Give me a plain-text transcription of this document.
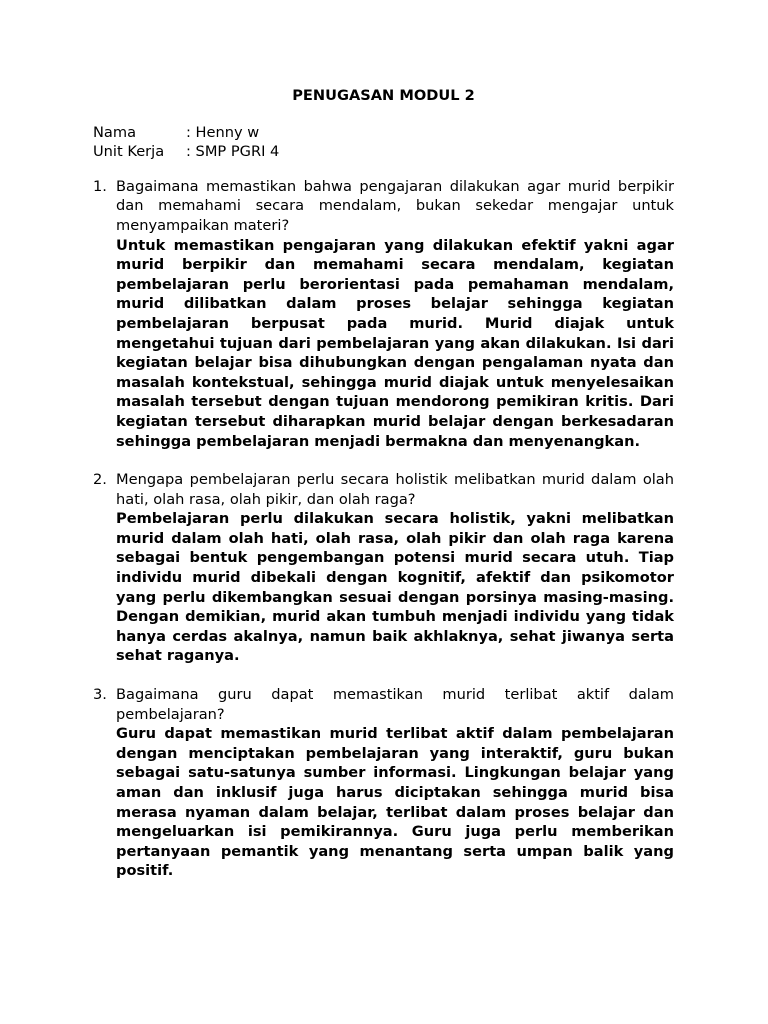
PENUGASAN MODUL 2
Nama	: Henny w
Unit Kerja	: SMP PGRI 4
1. Bagaimana memastikan bahwa pengajaran dilakukan agar murid berpikir dan memahami secara mendalam, bukan sekedar mengajar untuk menyampaikan materi?

Untuk memastikan pengajaran yang dilakukan efektif yakni agar murid berpikir dan memahami secara mendalam, kegiatan pembelajaran perlu berorientasi pada pemahaman mendalam, murid dilibatkan dalam proses belajar sehingga kegiatan pembelajaran berpusat pada murid. Murid diajak untuk mengetahui tujuan dari pembelajaran yang akan dilakukan. Isi dari kegiatan belajar bisa dihubungkan dengan pengalaman nyata dan masalah kontekstual, sehingga murid diajak untuk menyelesaikan masalah tersebut dengan tujuan mendorong pemikiran kritis. Dari kegiatan tersebut diharapkan murid belajar dengan berkesadaran sehingga pembelajaran menjadi bermakna dan menyenangkan.

2. Mengapa pembelajaran perlu secara holistik melibatkan murid dalam olah hati, olah rasa, olah pikir, dan olah raga?

Pembelajaran perlu dilakukan secara holistik, yakni melibatkan murid dalam olah hati, olah rasa, olah pikir dan olah raga karena sebagai bentuk pengembangan potensi murid secara utuh. Tiap individu murid dibekali dengan kognitif, afektif dan psikomotor yang perlu dikembangkan sesuai dengan porsinya masing-masing. Dengan demikian, murid akan tumbuh menjadi individu yang tidak hanya cerdas akalnya, namun baik akhlaknya, sehat jiwanya serta sehat raganya.

3. Bagaimana guru dapat memastikan murid terlibat aktif dalam pembelajaran?

Guru dapat memastikan murid terlibat aktif dalam pembelajaran dengan menciptakan pembelajaran yang interaktif, guru bukan sebagai satu-satunya sumber informasi. Lingkungan belajar yang aman dan inklusif juga harus diciptakan sehingga murid bisa merasa nyaman dalam belajar, terlibat dalam proses belajar dan mengeluarkan isi pemikirannya. Guru juga perlu memberikan pertanyaan pemantik yang menantang serta umpan balik yang positif.
